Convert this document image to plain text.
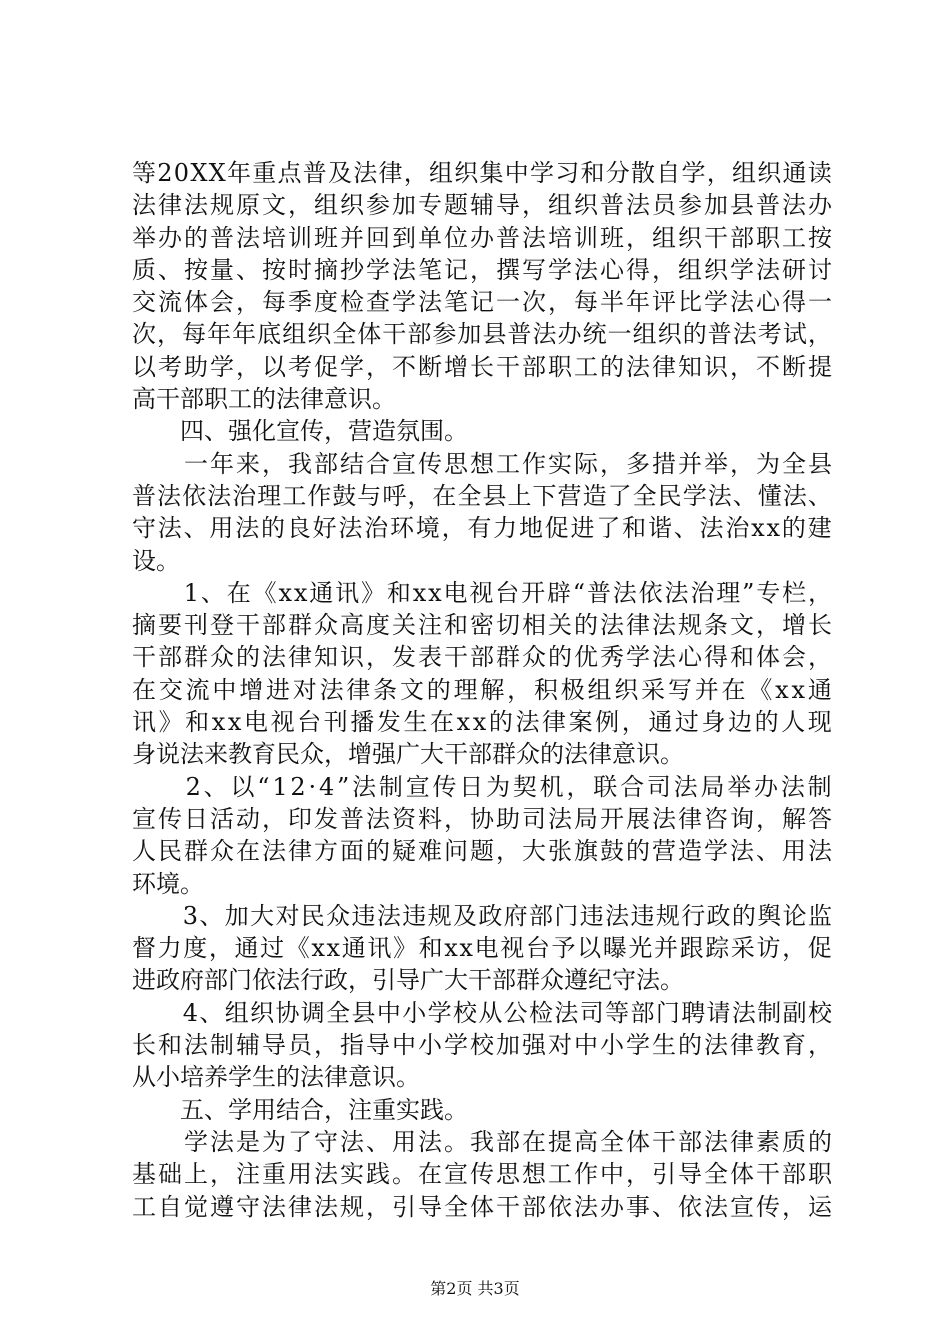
等 2 0 X X 年 重 点 普 及 法 律 ， 组 织 集 中 学 习 和 分 散 自 学 ， 组 织 通 读
法 律 法 规 原 文 ， 组 织 参 加 专 题 辅 导 ， 组 织 普 法 员 参 加 县 普 法 办
举 办 的 普 法 培 训 班 并 回 到 单 位 办 普 法 培 训 班 ， 组 织 干 部 职 工 按
质 、 按 量 、 按 时 摘 抄 学 法 笔 记 ， 撰 写 学 法 心 得 ， 组 织 学 法 研 讨
交 流 体 会 ， 每 季 度 检 查 学 法 笔 记 一 次 ， 每 半 年 评 比 学 法 心 得 一
次 ， 每 年 年 底 组 织 全 体 干 部 参 加 县 普 法 办 统 一 组 织 的 普 法 考 试 ，
以 考 助 学 ， 以 考 促 学 ， 不 断 增 长 干 部 职 工 的 法 律 知 识 ， 不 断 提
高干部职工的法律意识。
　　四、强化宣传，营造氛围。

一 年 来 ， 我 部 结 合 宣 传 思 想 工 作 实 际 ， 多 措 并 举 ， 为 全 县
普 法 依 法 治 理 工 作 鼓 与 呼 ， 在 全 县 上 下 营 造 了 全 民 学 法 、 懂 法 、
守 法 、 用 法 的 良 好 法 治 环 境 ， 有 力 地 促 进 了 和 谐 、 法 治 x x 的 建
设。

1 、 在 《 x x 通 讯 》 和 x x 电 视 台 开 辟 “ 普 法 依 法 治 理 ” 专 栏 ，
摘 要 刊 登 干 部 群 众 高 度 关 注 和 密 切 相 关 的 法 律 法 规 条 文 ， 增 长
干 部 群 众 的 法 律 知 识 ， 发 表 干 部 群 众 的 优 秀 学 法 心 得 和 体 会 ，
在 交 流 中 增 进 对 法 律 条 文 的 理 解 ， 积 极 组 织 采 写 并 在 《 x x 通
讯 》 和 x x 电 视 台 刊 播 发 生 在 x x 的 法 律 案 例 ， 通 过 身 边 的 人 现
身说法来教育民众，增强广大干部群众的法律意识。

2 、 以 “ 1 2 · 4 ” 法 制 宣 传 日 为 契 机 ， 联 合 司 法 局 举 办 法 制
宣 传 日 活 动 ， 印 发 普 法 资 料 ， 协 助 司 法 局 开 展 法 律 咨 询 ， 解 答
人 民 群 众 在 法 律 方 面 的 疑 难 问 题 ， 大 张 旗 鼓 的 营 造 学 法 、 用 法
环境。

3 、 加 大 对 民 众 违 法 违 规 及 政 府 部 门 违 法 违 规 行 政 的 舆 论 监
督 力 度 ， 通 过 《 x x 通 讯 》 和 x x 电 视 台 予 以 曝 光 并 跟 踪 采 访 ， 促
进政府部门依法行政，引导广大干部群众遵纪守法。

4 、 组 织 协 调 全 县 中 小 学 校 从 公 检 法 司 等 部 门 聘 请 法 制 副 校
长 和 法 制 辅 导 员 ， 指 导 中 小 学 校 加 强 对 中 小 学 生 的 法 律 教 育 ，
从小培养学生的法律意识。
　　五、学用结合，注重实践。

学 法 是 为 了 守 法 、 用 法 。 我 部 在 提 高 全 体 干 部 法 律 素 质 的
基 础 上 ， 注 重 用 法 实 践 。 在 宣 传 思 想 工 作 中 ， 引 导 全 体 干 部 职
工 自 觉 遵 守 法 律 法 规 ， 引 导 全 体 干 部 依 法 办 事 、 依 法 宣 传 ， 运
第2页 共3页
